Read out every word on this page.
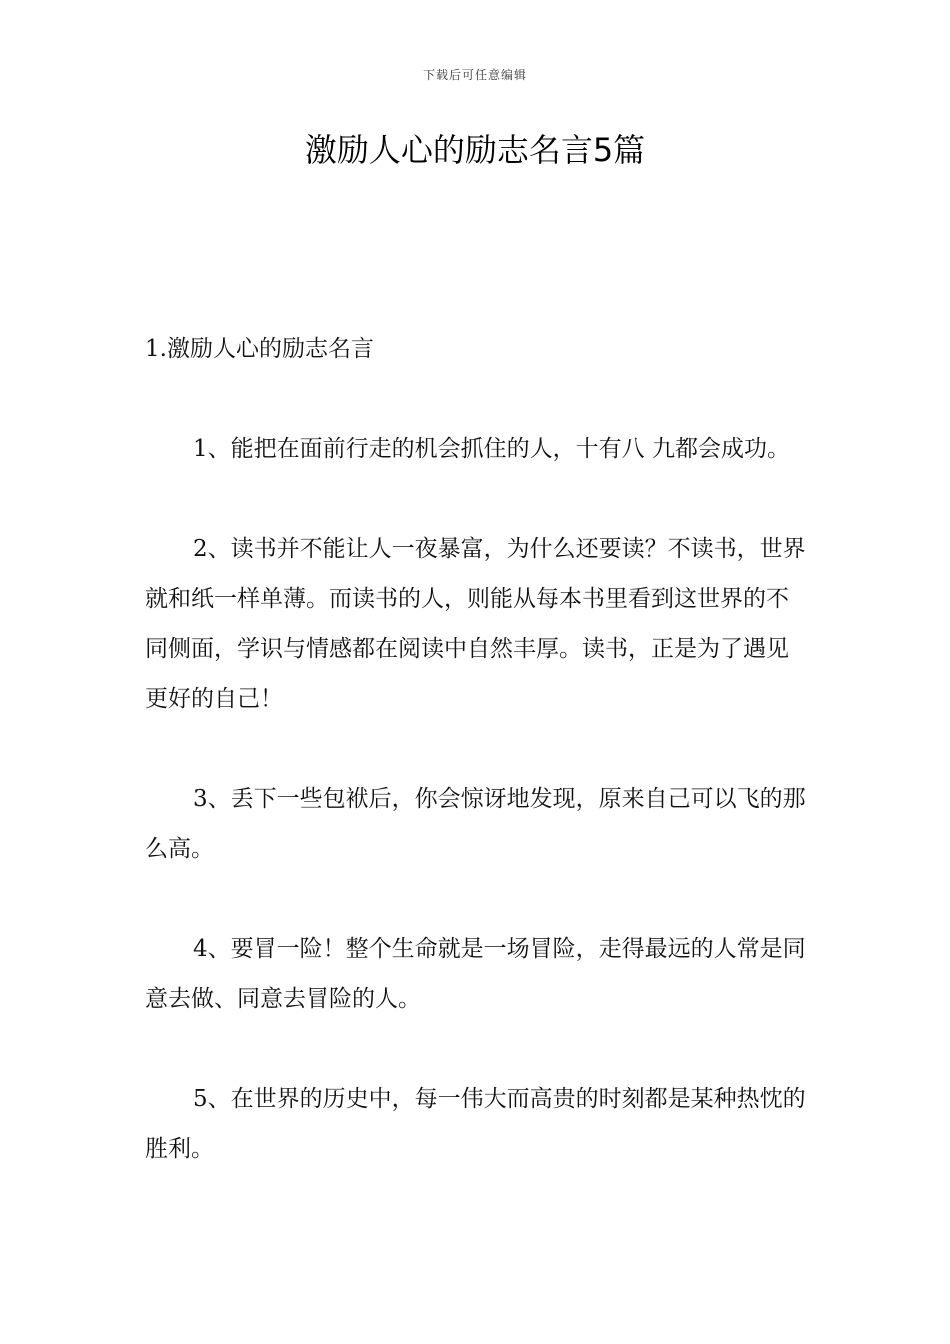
下载后可任意编辑
激励人心的励志名言5篇
1.激励人心的励志名言

1、能把在面前行走的机会抓住的人，十有八 九都会成功。

2、读书并不能让人一夜暴富，为什么还要读？不读书，世界就和纸一样单薄。而读书的人，则能从每本书里看到这世界的不同侧面，学识与情感都在阅读中自然丰厚。读书，正是为了遇见更好的自己！

3、丢下一些包袱后，你会惊讶地发现，原来自己可以飞的那么高。

4、要冒一险！整个生命就是一场冒险，走得最远的人常是同意去做、同意去冒险的人。

5、在世界的历史中，每一伟大而高贵的时刻都是某种热忱的胜利。
